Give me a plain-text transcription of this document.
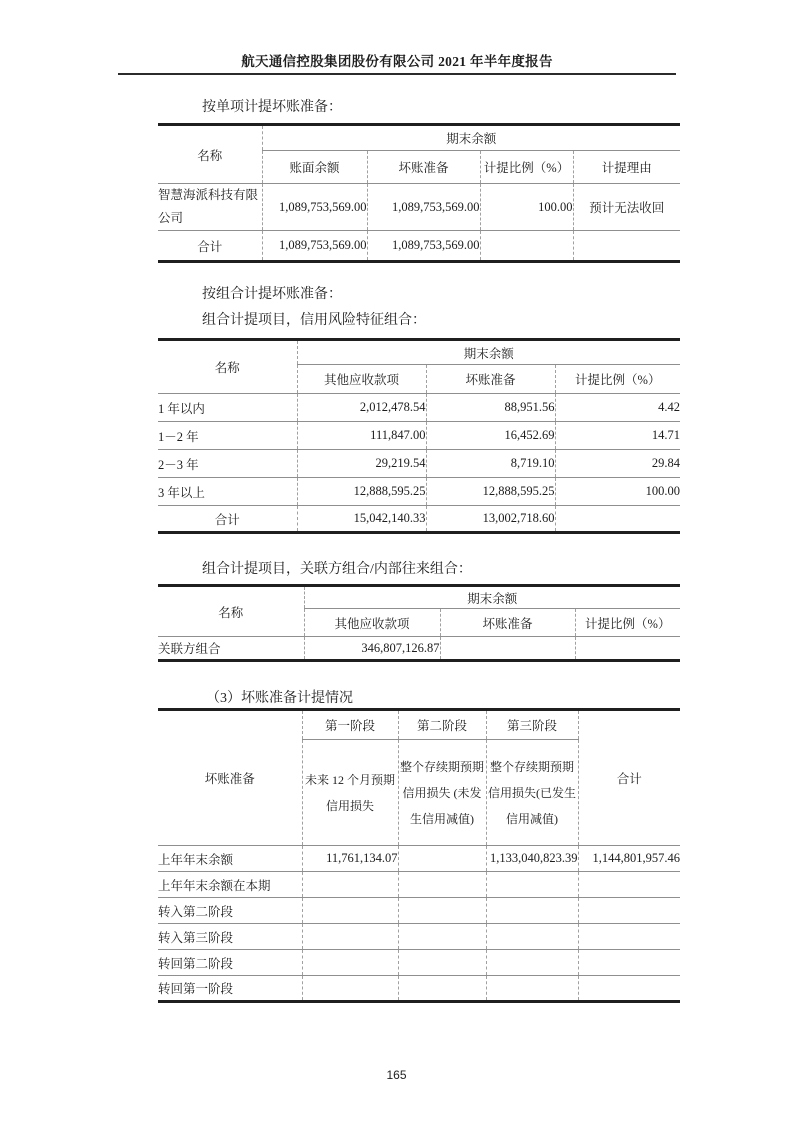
航天通信控股集团股份有限公司 2021 年半年度报告
按单项计提坏账准备：
名称	期末余额			
	账面余额	坏账准备	计提比例（%）	计提理由
智慧海派科技有限公司	1,089,753,569.00	1,089,753,569.00	100.00	预计无法收回
合计	1,089,753,569.00	1,089,753,569.00		
按组合计提坏账准备：
组合计提项目，信用风险特征组合：
名称	期末余额		
	其他应收款项	坏账准备	计提比例（%）
1 年以内	2,012,478.54	88,951.56	4.42
1－2 年	111,847.00	16,452.69	14.71
2－3 年	29,219.54	8,719.10	29.84
3 年以上	12,888,595.25	12,888,595.25	100.00
合计	15,042,140.33	13,002,718.60	
组合计提项目，关联方组合/内部往来组合：
名称	期末余额		
	其他应收款项	坏账准备	计提比例（%）
关联方组合	346,807,126.87		
（3）坏账准备计提情况
坏账准备	第一阶段	第二阶段	第三阶段	合计
	未来 12 个月预期信用损失	整个存续期预期信用损失 (未发生信用减值)	整个存续期预期信用损失(已发生信用减值)	
上年年末余额	11,761,134.07		1,133,040,823.39	1,144,801,957.46
上年年末余额在本期				
转入第二阶段				
转入第三阶段				
转回第二阶段				
转回第一阶段				
165
